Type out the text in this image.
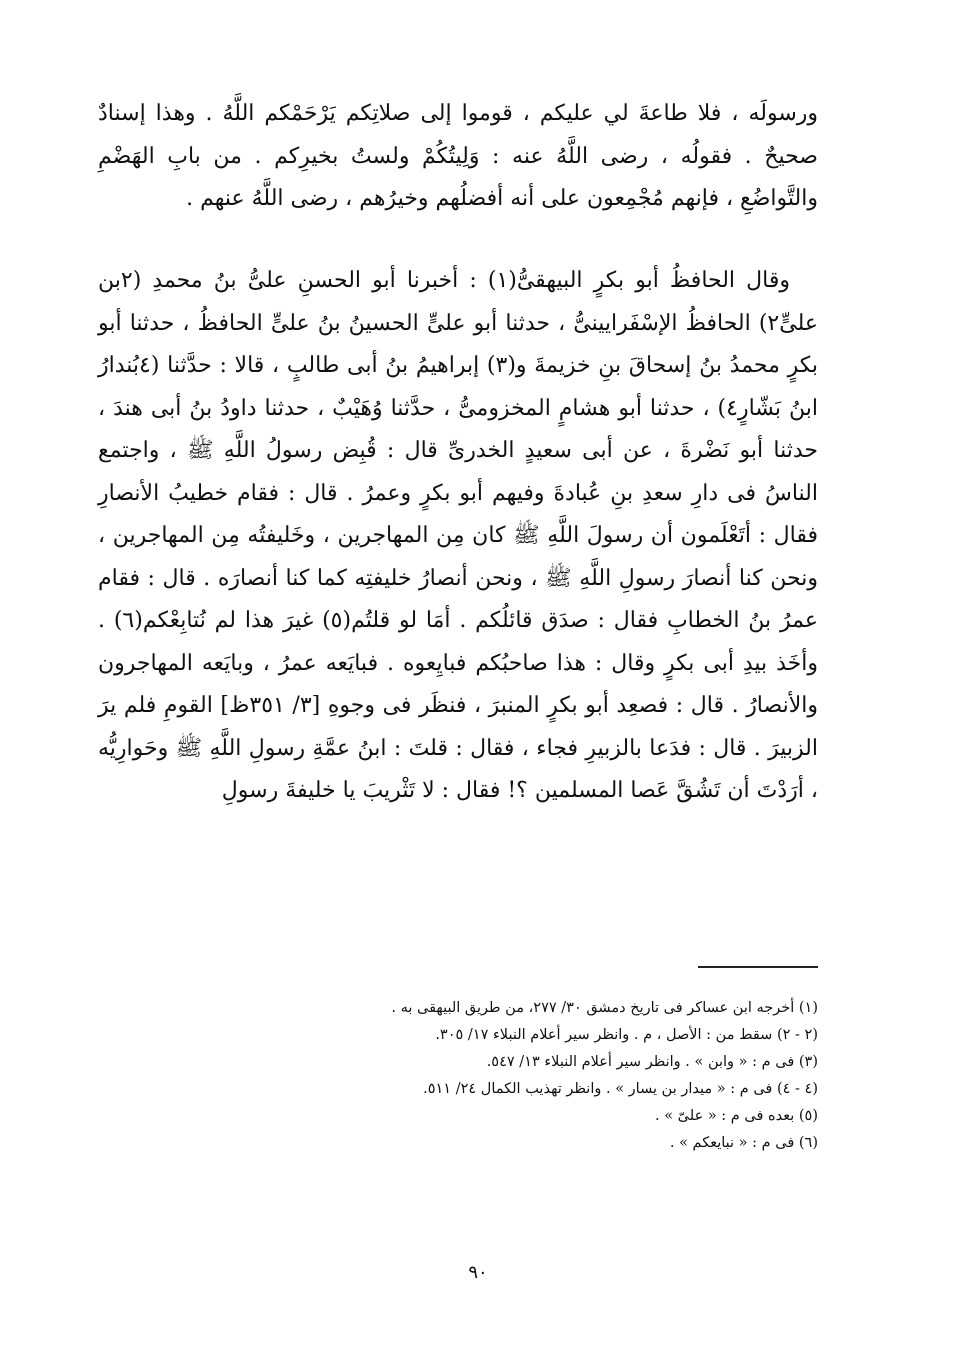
ورسولَه ، فلا طاعةَ لي عليكم ، قوموا إلى صلاتِكم يَرْحَمْكم اللَّهُ . وهذا إسنادٌ صحيحٌ . فقولُه ، رضى اللَّهُ عنه : وَلِيتُكُمْ ولستُ بخيرِكم . من بابِ الهَضْمِ والتَّواضُعِ ، فإنهم مُجْمِعون على أنه أفضلُهم وخيرُهم ، رضى اللَّهُ عنهم .

وقال الحافظُ أبو بكرٍ البيهقىُّ(١) : أخبرنا أبو الحسنِ علىُّ بنُ محمدِ (٢بن علىٍّ٢) الحافظُ الإسْفَرايينىُّ ، حدثنا أبو علىٍّ الحسينُ بنُ علىٍّ الحافظُ ، حدثنا أبو بكرٍ محمدُ بنُ إسحاقَ بنِ خزيمةَ و(٣) إبراهيمُ بنُ أبى طالبٍ ، قالا : حدَّثنا (٤بُندارُ ابنُ بَشّارٍ٤) ، حدثنا أبو هشامٍ المخزومىُّ ، حدَّثنا وُهَيْبٌ ، حدثنا داودُ بنُ أبى هندَ ، حدثنا أبو نَضْرةَ ، عن أبى سعيدٍ الخدرىِّ قال : قُبِض رسولُ اللَّهِ ﷺ ، واجتمع الناسُ فى دارِ سعدِ بنِ عُبادةَ وفيهم أبو بكرٍ وعمرُ . قال : فقام خطيبُ الأنصارِ فقال : أتَعْلَمون أن رسولَ اللَّهِ ﷺ كان مِن المهاجرين ، وخَليفتُه مِن المهاجرين ، ونحن كنا أنصارَ رسولِ اللَّهِ ﷺ ، ونحن أنصارُ خليفتِه كما كنا أنصارَه . قال : فقام عمرُ بنُ الخطابِ فقال : صدَق قائلُكم . أمَا لو قلتُم(٥) غيرَ هذا لم نُتابِعْكم(٦) . وأخَذ بيدِ أبى بكرٍ وقال : هذا صاحبُكم فبايِعوه . فبايَعه عمرُ ، وبايَعه المهاجرون والأنصارُ . قال : فصعِد أبو بكرٍ المنبرَ ، فنظَر فى وجوهِ [٣/ ٣٥١ظ] القومِ فلم يرَ الزبيرَ . قال : فدَعا بالزبيرِ فجاء ، فقال : قلتَ : ابنُ عمَّةِ رسولِ اللَّهِ ﷺ وحَوارِيُّه ، أرَدْتَ أن تَشُقَّ عَصا المسلمين ؟! فقال : لا تَثْريبَ يا خليفةَ رسولِ

(١) أخرجه ابن عساكر فى تاريخ دمشق ٣٠/ ٢٧٧، من طريق البيهقى به .

(٢ - ٢) سقط من : الأصل ، م . وانظر سير أعلام النبلاء ١٧/ ٣٠٥.

(٣) فى م : « وابن » . وانظر سير أعلام النبلاء ١٣/ ٥٤٧.

(٤ - ٤) فى م : « ميدار بن يسار » . وانظر تهذيب الكمال ٢٤/ ٥١١.

(٥) بعده فى م : « علىّ » .

(٦) فى م : « نبايعكم » .

٩٠
